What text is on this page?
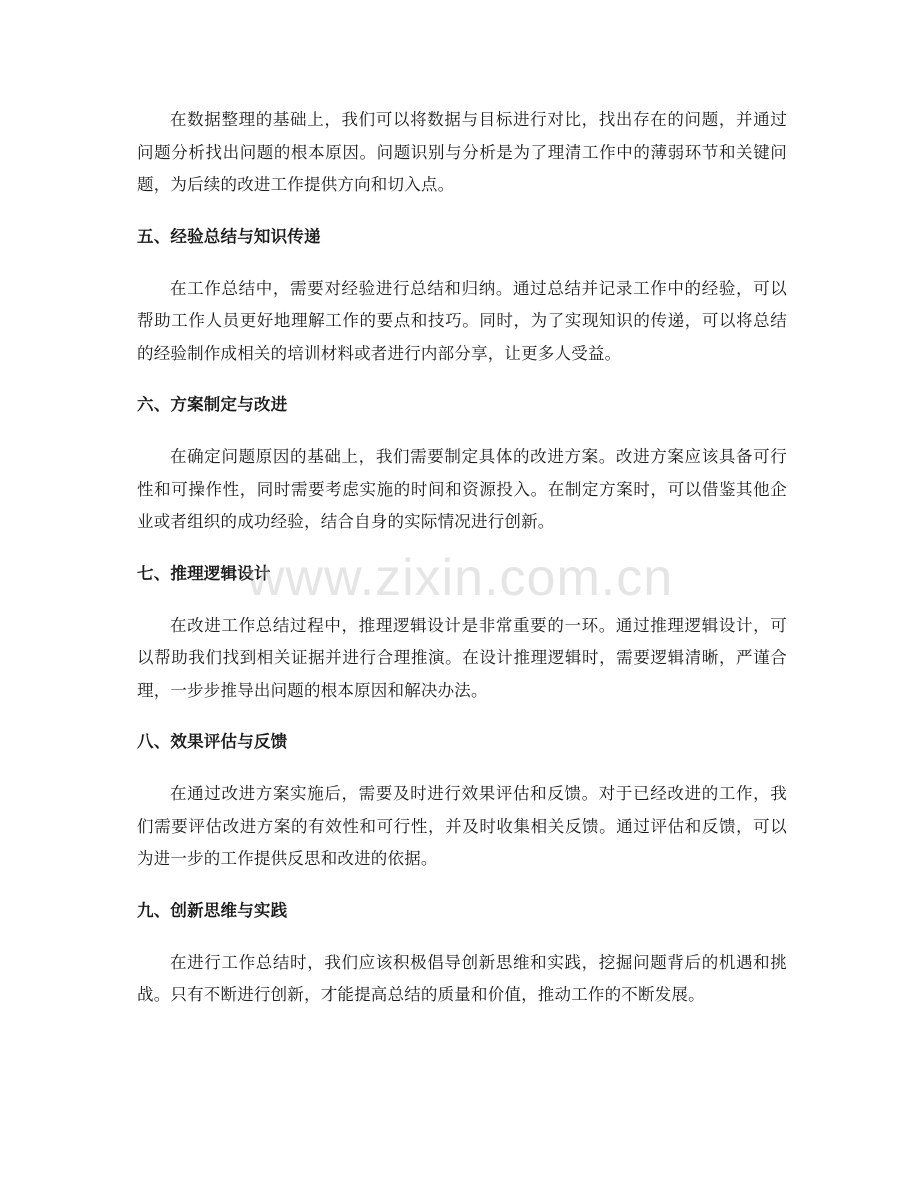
在数据整理的基础上，我们可以将数据与目标进行对比，找出存在的问题，并通过问题分析找出问题的根本原因。问题识别与分析是为了理清工作中的薄弱环节和关键问题，为后续的改进工作提供方向和切入点。

五、经验总结与知识传递

在工作总结中，需要对经验进行总结和归纳。通过总结并记录工作中的经验，可以帮助工作人员更好地理解工作的要点和技巧。同时，为了实现知识的传递，可以将总结的经验制作成相关的培训材料或者进行内部分享，让更多人受益。

六、方案制定与改进

在确定问题原因的基础上，我们需要制定具体的改进方案。改进方案应该具备可行性和可操作性，同时需要考虑实施的时间和资源投入。在制定方案时，可以借鉴其他企业或者组织的成功经验，结合自身的实际情况进行创新。

七、推理逻辑设计

在改进工作总结过程中，推理逻辑设计是非常重要的一环。通过推理逻辑设计，可以帮助我们找到相关证据并进行合理推演。在设计推理逻辑时，需要逻辑清晰，严谨合理，一步步推导出问题的根本原因和解决办法。

八、效果评估与反馈

在通过改进方案实施后，需要及时进行效果评估和反馈。对于已经改进的工作，我们需要评估改进方案的有效性和可行性，并及时收集相关反馈。通过评估和反馈，可以为进一步的工作提供反思和改进的依据。

九、创新思维与实践

在进行工作总结时，我们应该积极倡导创新思维和实践，挖掘问题背后的机遇和挑战。只有不断进行创新，才能提高总结的质量和价值，推动工作的不断发展。

www.zixin.com.cn
